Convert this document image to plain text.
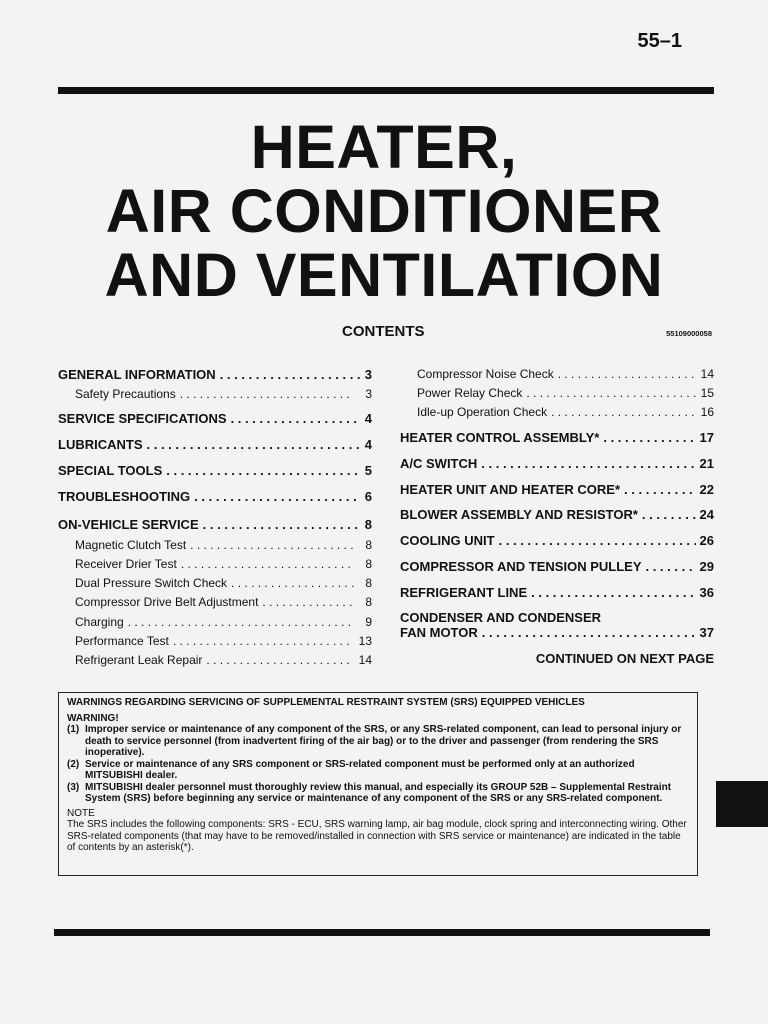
55–1
HEATER,
AIR CONDITIONER
AND VENTILATION
CONTENTS	55109000058
GENERAL INFORMATION . . .	3
Safety Precautions . . .	3
SERVICE SPECIFICATIONS . . .	4
LUBRICANTS . . .	4
SPECIAL TOOLS . . .	5
TROUBLESHOOTING . . .	6
ON-VEHICLE SERVICE . . .	8
Magnetic Clutch Test . . .	8
Receiver Drier Test . . .	8
Dual Pressure Switch Check . . .	8
Compressor Drive Belt Adjustment . . .	8
Charging . . .	9
Performance Test . . .	13
Refrigerant Leak Repair . . .	14
Compressor Noise Check . . .	14
Power Relay Check . . .	15
Idle-up Operation Check . . .	16
HEATER CONTROL ASSEMBLY* . . .	17
A/C SWITCH . . .	21
HEATER UNIT AND HEATER CORE* . . .	22
BLOWER ASSEMBLY AND RESISTOR* . . .	24
COOLING UNIT . . .	26
COMPRESSOR AND TENSION PULLEY . . .	29
REFRIGERANT LINE . . .	36
CONDENSER AND CONDENSER
FAN MOTOR . . .	37
CONTINUED ON NEXT PAGE
WARNINGS REGARDING SERVICING OF SUPPLEMENTAL RESTRAINT SYSTEM (SRS) EQUIPPED VEHICLES
WARNING!
(1) Improper service or maintenance of any component of the SRS, or any SRS-related component, can lead to personal injury or death to service personnel (from inadvertent firing of the air bag) or to the driver and passenger (from rendering the SRS inoperative).
(2) Service or maintenance of any SRS component or SRS-related component must be performed only at an authorized MITSUBISHI dealer.
(3) MITSUBISHI dealer personnel must thoroughly review this manual, and especially its GROUP 52B – Supplemental Restraint System (SRS) before beginning any service or maintenance of any component of the SRS or any SRS-related component.
NOTE
The SRS includes the following components: SRS - ECU, SRS warning lamp, air bag module, clock spring and interconnecting wiring. Other SRS-related components (that may have to be removed/installed in connection with SRS service or maintenance) are indicated in the table of contents by an asterisk(*).
